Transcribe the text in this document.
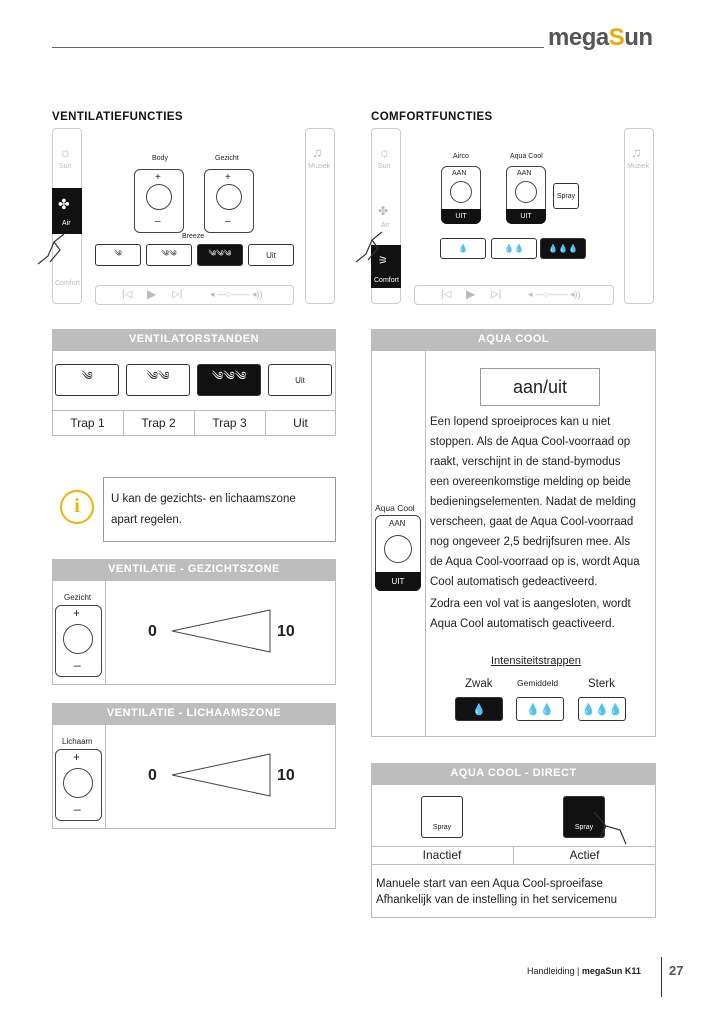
megaSun
VENTILATIEFUNCTIES
☼
Sun
✤
Air
Comfort
♫
Muziek
Body	Gezicht
+
–
+
–
Breeze
༄	༄༄	༄༄༄	Uit
|◁ ▶ ▷|	◂ —○—— ◂))
COMFORTFUNCTIES
☼
Sun
✤
Air
⚞
Comfort
♫
Muziek
Airco	Aqua Cool
AAN
UIT
AAN
UIT
Spray
💧	💧💧	💧💧💧
|◁ ▶ ▷|	◂ —○—— ◂))
VENTILATORSTANDEN
༄	༄༄	༄༄༄	Uit
Trap 1	Trap 2	Trap 3	Uit
i	U kan de gezichts- en lichaamszone
apart regelen.
VENTILATIE - GEZICHTSZONE
Gezicht
+
–
0	10
VENTILATIE - LICHAAMSZONE
Lichaam
+
–
0	10
AQUA COOL
Aqua Cool
AAN
UIT
aan/uit

Een lopend sproeiproces kan u niet

stoppen. Als de Aqua Cool-voorraad op

raakt, verschijnt in de stand-bymodus

een overeenkomstige melding op beide

bedieningselementen. Nadat de melding

verscheen, gaat de Aqua Cool-voorraad

nog ongeveer 2,5 bedrijfsuren mee. Als

de Aqua Cool-voorraad op is, wordt Aqua

Cool automatisch gedeactiveerd.

Zodra een vol vat is aangesloten, wordt

Aqua Cool automatisch geactiveerd.

Intensiteitstrappen
Zwak	Gemiddeld	Sterk
💧	💧💧	💧💧💧
AQUA COOL - DIRECT
Spray	Spray
Inactief	Actief
Manuele start van een Aqua Cool-sproeifase
Afhankelijk van de instelling in het servicemenu
Handleiding | megaSun K11 27
